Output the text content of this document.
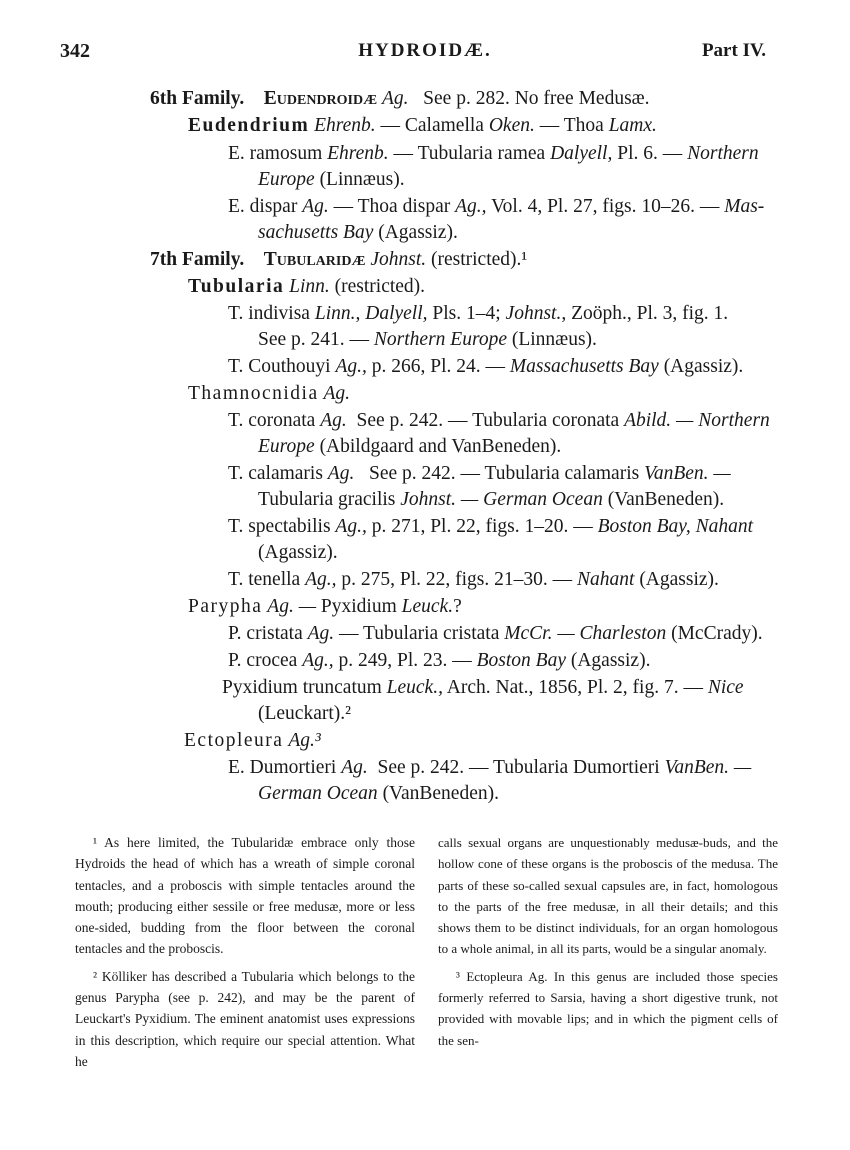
342	HYDROIDÆ.	Part IV.
6th Family. Eudendroidæ Ag. See p. 282. No free Medusæ.
Eudendrium Ehrenb. — Calamella Oken. — Thoa Lamx.
E. ramosum Ehrenb. — Tubularia ramea Dalyell, Pl. 6. — Northern
Europe (Linnæus).
E. dispar Ag. — Thoa dispar Ag., Vol. 4, Pl. 27, figs. 10–26. — Mas-
sachusetts Bay (Agassiz).
7th Family. Tubularidæ Johnst. (restricted).¹
Tubularia Linn. (restricted).
T. indivisa Linn., Dalyell, Pls. 1–4; Johnst., Zoöph., Pl. 3, fig. 1.
See p. 241. — Northern Europe (Linnæus).
T. Couthouyi Ag., p. 266, Pl. 24. — Massachusetts Bay (Agassiz).
Thamnocnidia Ag.
T. coronata Ag. See p. 242. — Tubularia coronata Abild. — Northern
Europe (Abildgaard and VanBeneden).
T. calamaris Ag. See p. 242. — Tubularia calamaris VanBen. —
Tubularia gracilis Johnst. — German Ocean (VanBeneden).
T. spectabilis Ag., p. 271, Pl. 22, figs. 1–20. — Boston Bay, Nahant
(Agassiz).
T. tenella Ag., p. 275, Pl. 22, figs. 21–30. — Nahant (Agassiz).
Parypha Ag. — Pyxidium Leuck.?
P. cristata Ag. — Tubularia cristata McCr. — Charleston (McCrady).
P. crocea Ag., p. 249, Pl. 23. — Boston Bay (Agassiz).
Pyxidium truncatum Leuck., Arch. Nat., 1856, Pl. 2, fig. 7. — Nice
(Leuckart).²
Ectopleura Ag.³
E. Dumortieri Ag. See p. 242. — Tubularia Dumortieri VanBen. —
German Ocean (VanBeneden).

¹ As here limited, the Tubularidæ embrace only those Hydroids the head of which has a wreath of simple coronal tentacles, and a proboscis with simple tentacles around the mouth; producing either sessile or free medusæ, more or less one-sided, budding from the floor between the coronal tentacles and the proboscis.

² Kölliker has described a Tubularia which belongs to the genus Parypha (see p. 242), and may be the parent of Leuckart's Pyxidium. The eminent anatomist uses expressions in this description, which require our special attention. What he

calls sexual organs are unquestionably medusæ-buds, and the hollow cone of these organs is the proboscis of the medusa. The parts of these so-called sexual capsules are, in fact, homologous to the parts of the free medusæ, in all their details; and this shows them to be distinct individuals, for an organ homologous to a whole animal, in all its parts, would be a singular anomaly.

³ Ectopleura Ag. In this genus are included those species formerly referred to Sarsia, having a short digestive trunk, not provided with movable lips; and in which the pigment cells of the sen-
